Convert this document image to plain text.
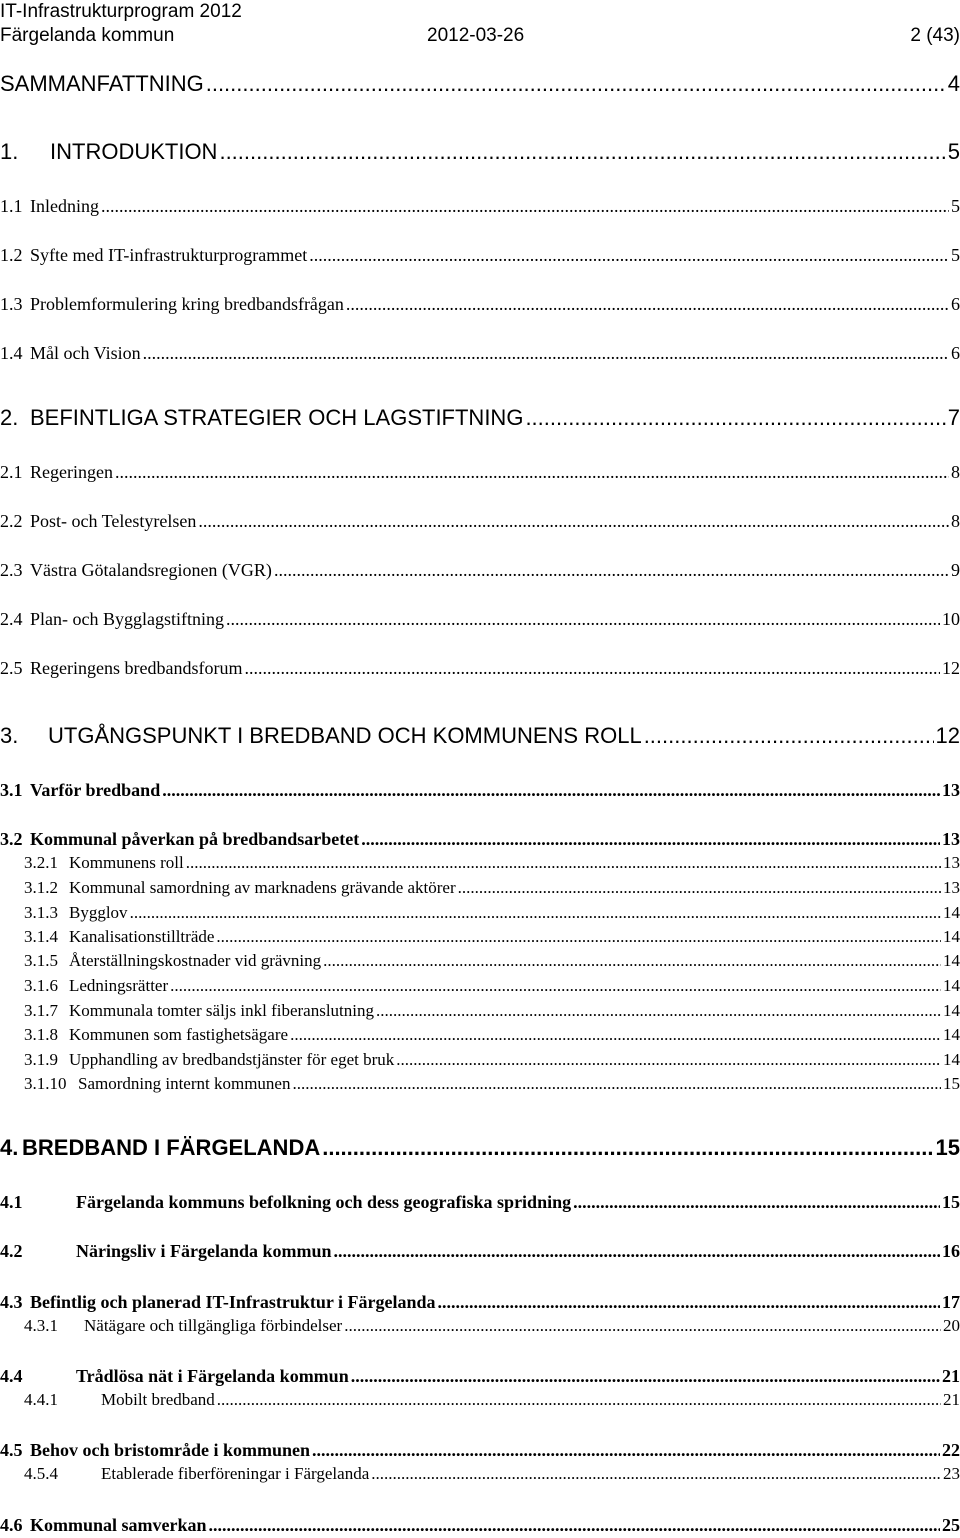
IT-Infrastrukturprogram 2012
Färgelanda kommun	2012-03-26	2 (43)
SAMMANFATTNING .....	4
1.	INTRODUKTION .....	5
1.1 Inledning .....	5
1.2 Syfte med IT-infrastrukturprogrammet .....	5
1.3 Problemformulering kring bredbandsfrågan .....	6
1.4 Mål och Vision .....	6
2. BEFINTLIGA STRATEGIER OCH LAGSTIFTNING .....	7
2.1 Regeringen .....	8
2.2 Post- och Telestyrelsen .....	8
2.3 Västra Götalandsregionen (VGR) .....	9
2.4 Plan- och Bygglagstiftning .....	10
2.5 Regeringens bredbandsforum .....	12
3.	UTGÅNGSPUNKT I BREDBAND OCH KOMMUNENS ROLL .....	12
3.1 Varför bredband .....	13
3.2 Kommunal påverkan på bredbandsarbetet .....	13
3.2.1 Kommunens roll .....	13
3.1.2 Kommunal samordning av marknadens grävande aktörer .....	13
3.1.3 Bygglov .....	14
3.1.4 Kanalisationstillträde .....	14
3.1.5 Återställningskostnader vid grävning .....	14
3.1.6 Ledningsrätter .....	14
3.1.7 Kommunala tomter säljs inkl fiberanslutning .....	14
3.1.8 Kommunen som fastighetsägare .....	14
3.1.9 Upphandling av bredbandstjänster för eget bruk .....	14
3.1.10 Samordning internt kommunen .....	15
4. BREDBAND I FÄRGELANDA .....	15
4.1	Färgelanda kommuns befolkning och dess geografiska spridning .....	15
4.2	Näringsliv i Färgelanda kommun .....	16
4.3 Befintlig och planerad IT-Infrastruktur i Färgelanda .....	17
4.3.1	Nätägare och tillgängliga förbindelser .....	20
4.4	Trådlösa nät i Färgelanda kommun .....	21
4.4.1	Mobilt bredband .....	21
4.5 Behov och bristområde i kommunen .....	22
4.5.4	Etablerade fiberföreningar i Färgelanda .....	23
4.6 Kommunal samverkan .....	25
